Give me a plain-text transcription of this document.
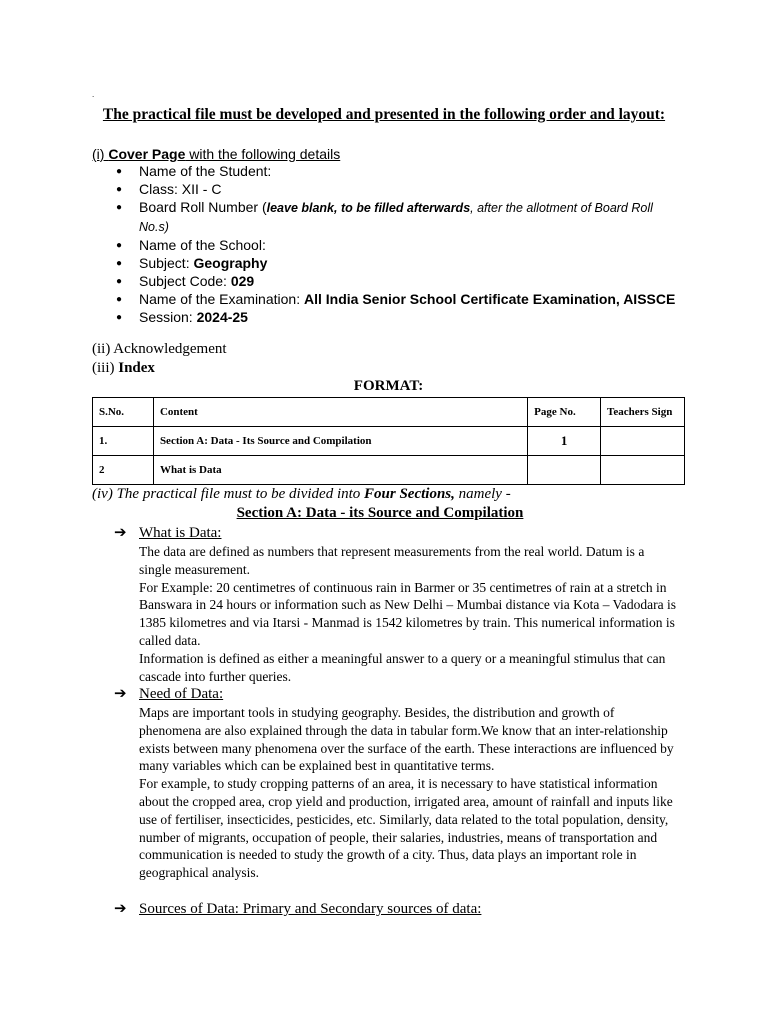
.
The practical file must be developed and presented in the following order and layout:
(i) Cover Page with the following details
● Name of the Student:
● Class: XII - C
● Board Roll Number (leave blank, to be filled afterwards, after the allotment of Board Roll No.s)
● Name of the School:
● Subject: Geography
● Subject Code: 029
● Name of the Examination: All India Senior School Certificate Examination, AISSCE
● Session: 2024-25
(ii) Acknowledgement
(iii) Index
FORMAT:
S.No.	Content	Page No.	Teachers Sign
1.	Section A: Data - Its Source and Compilation	1	
2	What is Data		
(iv) The practical file must to be divided into Four Sections, namely -
Section A: Data - its Source and Compilation
➔ What is Data:

The data are defined as numbers that represent measurements from the real world. Datum is a single measurement.

For Example: 20 centimetres of continuous rain in Barmer or 35 centimetres of rain at a stretch in Banswara in 24 hours or information such as New Delhi – Mumbai distance via Kota – Vadodara is 1385 kilometres and via Itarsi - Manmad is 1542 kilometres by train. This numerical information is called data.

Information is defined as either a meaningful answer to a query or a meaningful stimulus that can cascade into further queries.

➔ Need of Data:

Maps are important tools in studying geography. Besides, the distribution and growth of phenomena are also explained through the data in tabular form.We know that an inter-relationship exists between many phenomena over the surface of the earth. These interactions are influenced by many variables which can be explained best in quantitative terms.

For example, to study cropping patterns of an area, it is necessary to have statistical information about the cropped area, crop yield and production, irrigated area, amount of rainfall and inputs like use of fertiliser, insecticides, pesticides, etc. Similarly, data related to the total population, density, number of migrants, occupation of people, their salaries, industries, means of transportation and communication is needed to study the growth of a city. Thus, data plays an important role in geographical analysis.

➔ Sources of Data: Primary and Secondary sources of data:
